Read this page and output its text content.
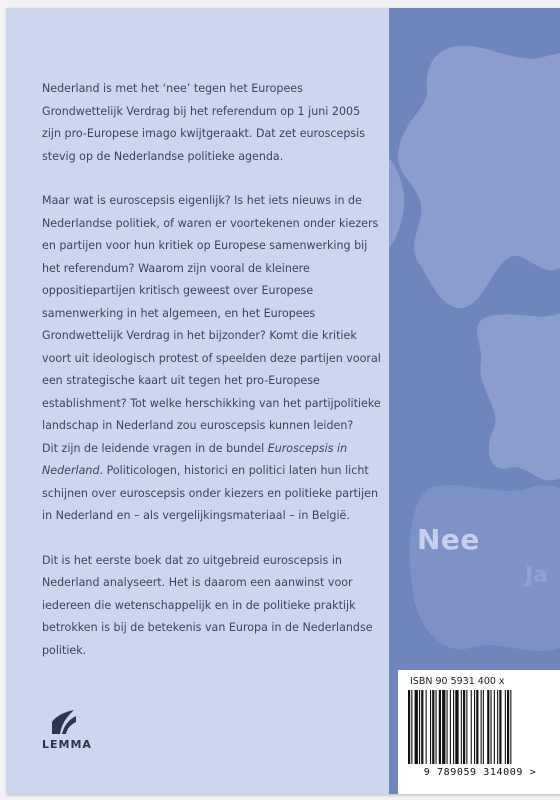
Nee
Ja

Nederland is met het ‘nee’ tegen het Europees Grondwettelijk Verdrag bij het referendum op 1 juni 2005 zijn pro-Europese imago kwijtgeraakt. Dat zet euroscepsis stevig op de Nederlandse politieke agenda.

Maar wat is euroscepsis eigenlijk? Is het iets nieuws in de Nederlandse politiek, of waren er voortekenen onder kiezers en partijen voor hun kritiek op Europese samenwerking bij het referendum? Waarom zijn vooral de kleinere oppositiepartijen kritisch geweest over Europese samenwerking in het algemeen, en het Europees Grondwettelijk Verdrag in het bijzonder? Komt die kritiek voort uit ideologisch protest of speelden deze partijen vooral een strategische kaart uit tegen het pro-Europese establishment? Tot welke herschikking van het partijpolitieke landschap in Nederland zou euroscepsis kunnen leiden?

Dit zijn de leidende vragen in de bundel Euroscepsis in Nederland. Politicologen, historici en politici laten hun licht schijnen over euroscepsis onder kiezers en politieke partijen in Nederland en – als vergelijkingsmateriaal – in België.

Dit is het eerste boek dat zo uitgebreid euroscepsis in Nederland analyseert. Het is daarom een aanwinst voor iedereen die wetenschappelijk en in de politieke praktijk betrokken is bij de betekenis van Europa in de Nederlandse politiek.

ISBN 90 5931 400 x
9 789059 314009 >
LEMMA
